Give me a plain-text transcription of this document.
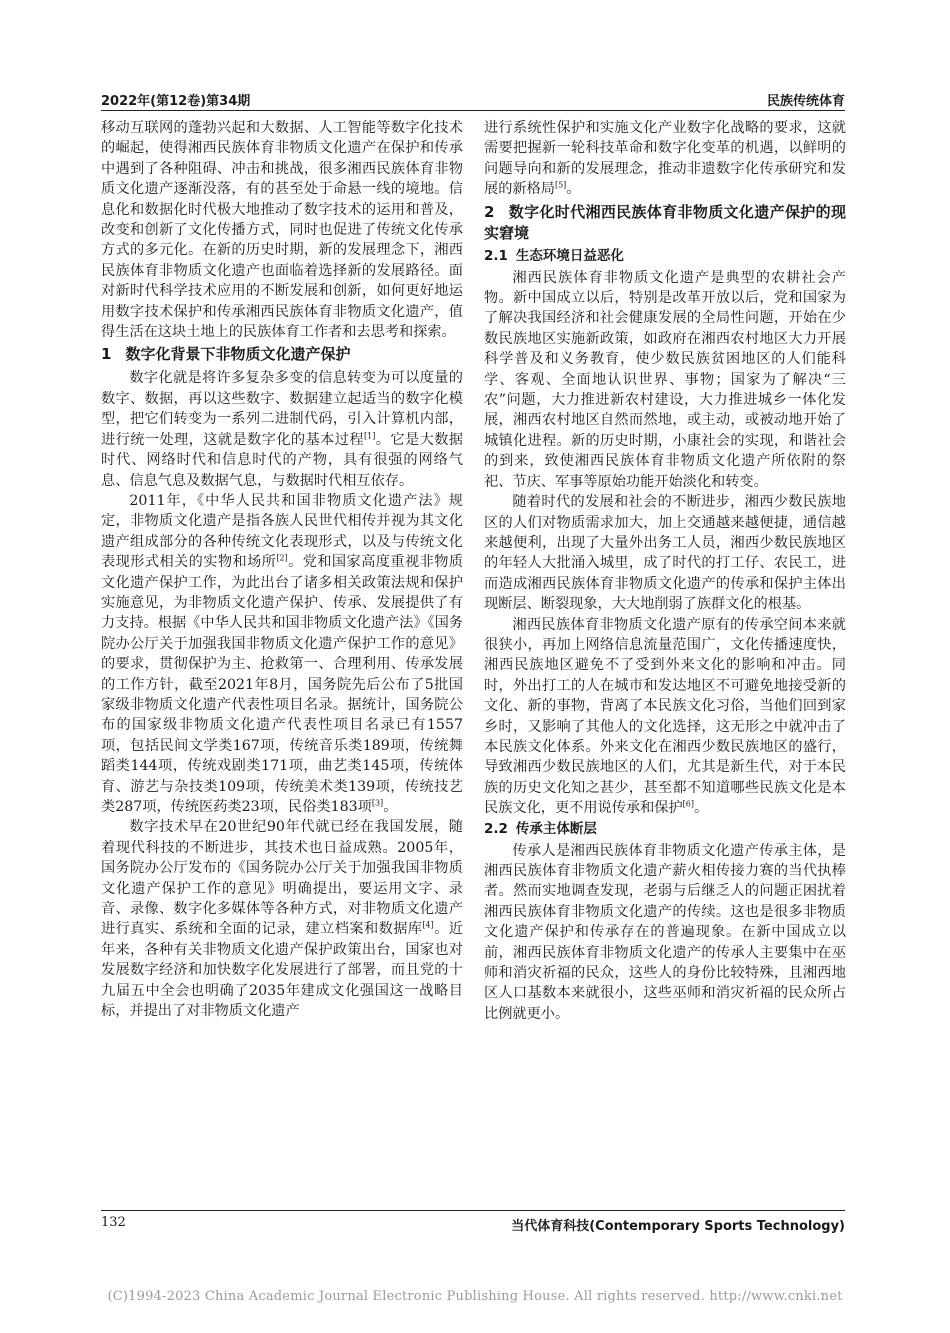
2022年(第12卷)第34期	民族传统体育

移动互联网的蓬勃兴起和大数据、人工智能等数字化技术的崛起，使得湘西民族体育非物质文化遗产在保护和传承中遇到了各种阻碍、冲击和挑战，很多湘西民族体育非物质文化遗产逐渐没落，有的甚至处于命悬一线的境地。信息化和数据化时代极大地推动了数字技术的运用和普及，改变和创新了文化传播方式，同时也促进了传统文化传承方式的多元化。在新的历史时期，新的发展理念下，湘西民族体育非物质文化遗产也面临着选择新的发展路径。面对新时代科学技术应用的不断发展和创新，如何更好地运用数字技术保护和传承湘西民族体育非物质文化遗产，值得生活在这块土地上的民族体育工作者和去思考和探索。

1 数字化背景下非物质文化遗产保护

数字化就是将许多复杂多变的信息转变为可以度量的数字、数据，再以这些数字、数据建立起适当的数字化模型，把它们转变为一系列二进制代码，引入计算机内部，进行统一处理，这就是数字化的基本过程[1]。它是大数据时代、网络时代和信息时代的产物，具有很强的网络气息、信息气息及数据气息，与数据时代相互依存。

2011年，《中华人民共和国非物质文化遗产法》规定，非物质文化遗产是指各族人民世代相传并视为其文化遗产组成部分的各种传统文化表现形式，以及与传统文化表现形式相关的实物和场所[2]。党和国家高度重视非物质文化遗产保护工作，为此出台了诸多相关政策法规和保护实施意见，为非物质文化遗产保护、传承、发展提供了有力支持。根据《中华人民共和国非物质文化遗产法》《国务院办公厅关于加强我国非物质文化遗产保护工作的意见》的要求，贯彻保护为主、抢救第一、合理利用、传承发展的工作方针，截至2021年8月，国务院先后公布了5批国家级非物质文化遗产代表性项目名录。据统计，国务院公布的国家级非物质文化遗产代表性项目名录已有1557项，包括民间文学类167项，传统音乐类189项，传统舞蹈类144项，传统戏剧类171项，曲艺类145项，传统体育、游艺与杂技类109项，传统美术类139项，传统技艺类287项，传统医药类23项，民俗类183项[3]。

数字技术早在20世纪90年代就已经在我国发展，随着现代科技的不断进步，其技术也日益成熟。2005年，国务院办公厅发布的《国务院办公厅关于加强我国非物质文化遗产保护工作的意见》明确提出，要运用文字、录音、录像、数字化多媒体等各种方式，对非物质文化遗产进行真实、系统和全面的记录，建立档案和数据库[4]。近年来，各种有关非物质文化遗产保护政策出台，国家也对发展数字经济和加快数字化发展进行了部署，而且党的十九届五中全会也明确了2035年建成文化强国这一战略目标，并提出了对非物质文化遗产

进行系统性保护和实施文化产业数字化战略的要求，这就需要把握新一轮科技革命和数字化变革的机遇，以鲜明的问题导向和新的发展理念，推动非遗数字化传承研究和发展的新格局[5]。

2 数字化时代湘西民族体育非物质文化遗产保护的现实窘境
2.1 生态环境日益恶化

湘西民族体育非物质文化遗产是典型的农耕社会产物。新中国成立以后，特别是改革开放以后，党和国家为了解决我国经济和社会健康发展的全局性问题，开始在少数民族地区实施新政策，如政府在湘西农村地区大力开展科学普及和义务教育，使少数民族贫困地区的人们能科学、客观、全面地认识世界、事物；国家为了解决“三农”问题，大力推进新农村建设，大力推进城乡一体化发展，湘西农村地区自然而然地，或主动，或被动地开始了城镇化进程。新的历史时期，小康社会的实现，和谐社会的到来，致使湘西民族体育非物质文化遗产所依附的祭祀、节庆、军事等原始功能开始淡化和转变。

随着时代的发展和社会的不断进步，湘西少数民族地区的人们对物质需求加大，加上交通越来越便捷，通信越来越便利，出现了大量外出务工人员，湘西少数民族地区的年轻人大批涌入城里，成了时代的打工仔、农民工，进而造成湘西民族体育非物质文化遗产的传承和保护主体出现断层、断裂现象，大大地削弱了族群文化的根基。

湘西民族体育非物质文化遗产原有的传承空间本来就很狭小，再加上网络信息流量范围广，文化传播速度快，湘西民族地区避免不了受到外来文化的影响和冲击。同时，外出打工的人在城市和发达地区不可避免地接受新的文化、新的事物，背离了本民族文化习俗，当他们回到家乡时，又影响了其他人的文化选择，这无形之中就冲击了本民族文化体系。外来文化在湘西少数民族地区的盛行，导致湘西少数民族地区的人们，尤其是新生代，对于本民族的历史文化知之甚少，甚至都不知道哪些民族文化是本民族文化，更不用说传承和保护[6]。

2.2 传承主体断层

传承人是湘西民族体育非物质文化遗产传承主体，是湘西民族体育非物质文化遗产薪火相传接力赛的当代执棒者。然而实地调查发现，老弱与后继乏人的问题正困扰着湘西民族体育非物质文化遗产的传续。这也是很多非物质文化遗产保护和传承存在的普遍现象。在新中国成立以前，湘西民族体育非物质文化遗产的传承人主要集中在巫师和消灾祈福的民众，这些人的身份比较特殊，且湘西地区人口基数本来就很小，这些巫师和消灾祈福的民众所占比例就更小。

132	当代体育科技(Contemporary Sports Technology)
(C)1994-2023 China Academic Journal Electronic Publishing House. All rights reserved. http://www.cnki.net
